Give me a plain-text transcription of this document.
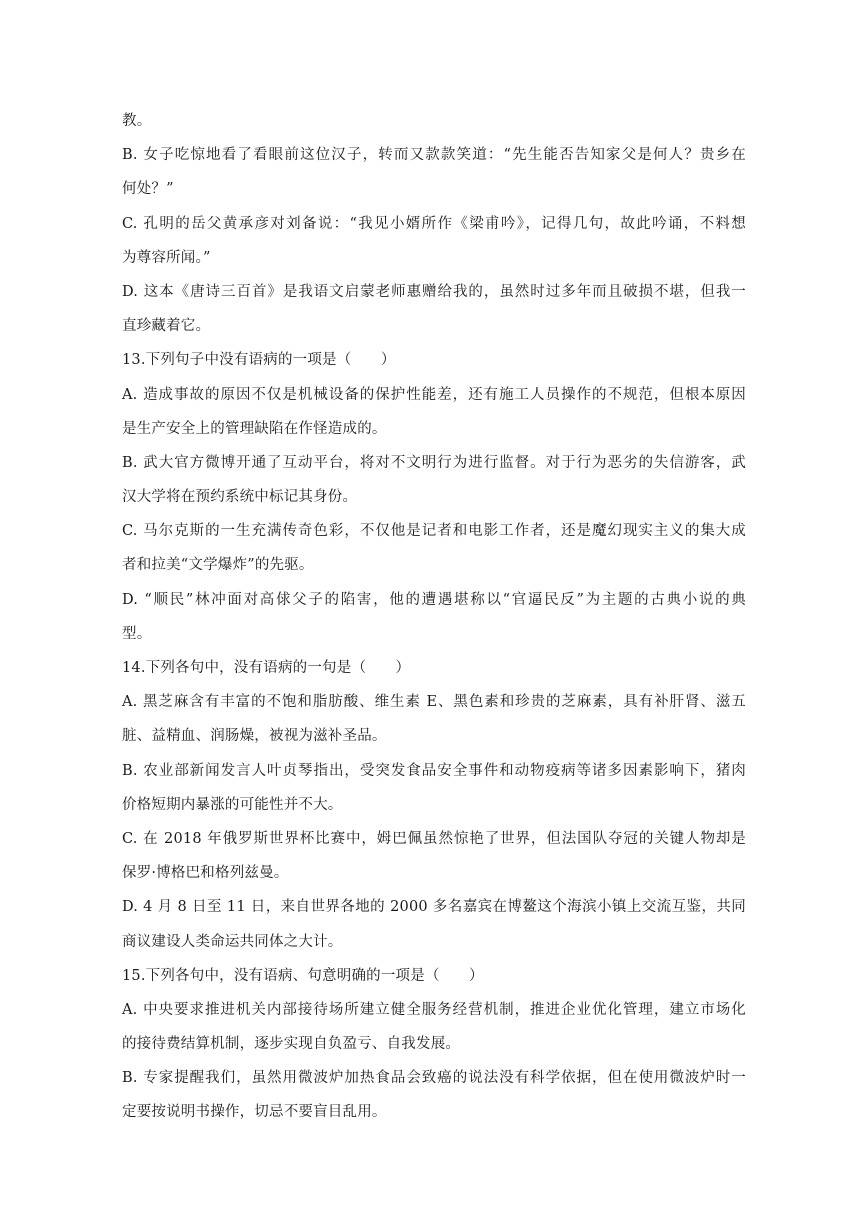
教。
B. 女子吃惊地看了看眼前这位汉子，转而又款款笑道：“先生能否告知家父是何人？贵乡在
何处？”
C. 孔明的岳父黄承彦对刘备说：“我见小婿所作《梁甫吟》，记得几句，故此吟诵，不料想
为尊容所闻。”
D. 这本《唐诗三百首》是我语文启蒙老师惠赠给我的，虽然时过多年而且破损不堪，但我一
直珍藏着它。
13.下列句子中没有语病的一项是（　　）
A. 造成事故的原因不仅是机械设备的保护性能差，还有施工人员操作的不规范，但根本原因
是生产安全上的管理缺陷在作怪造成的。
B. 武大官方微博开通了互动平台，将对不文明行为进行监督。对于行为恶劣的失信游客，武
汉大学将在预约系统中标记其身份。
C. 马尔克斯的一生充满传奇色彩，不仅他是记者和电影工作者，还是魔幻现实主义的集大成
者和拉美“文学爆炸”的先驱。
D. “顺民”林冲面对高俅父子的陷害，他的遭遇堪称以“官逼民反”为主题的古典小说的典
型。
14.下列各句中，没有语病的一句是（　　）
A. 黑芝麻含有丰富的不饱和脂肪酸、维生素 E、黑色素和珍贵的芝麻素，具有补肝肾、滋五
脏、益精血、润肠燥，被视为滋补圣品。
B. 农业部新闻发言人叶贞琴指出，受突发食品安全事件和动物疫病等诸多因素影响下，猪肉
价格短期内暴涨的可能性并不大。
C. 在 2018 年俄罗斯世界杯比赛中，姆巴佩虽然惊艳了世界，但法国队夺冠的关键人物却是
保罗·博格巴和格列兹曼。
D. 4 月 8 日至 11 日，来自世界各地的 2000 多名嘉宾在博鳌这个海滨小镇上交流互鉴，共同
商议建设人类命运共同体之大计。
15.下列各句中，没有语病、句意明确的一项是（　　）
A. 中央要求推进机关内部接待场所建立健全服务经营机制，推进企业优化管理，建立市场化
的接待费结算机制，逐步实现自负盈亏、自我发展。
B. 专家提醒我们，虽然用微波炉加热食品会致癌的说法没有科学依据，但在使用微波炉时一
定要按说明书操作，切忌不要盲目乱用。
